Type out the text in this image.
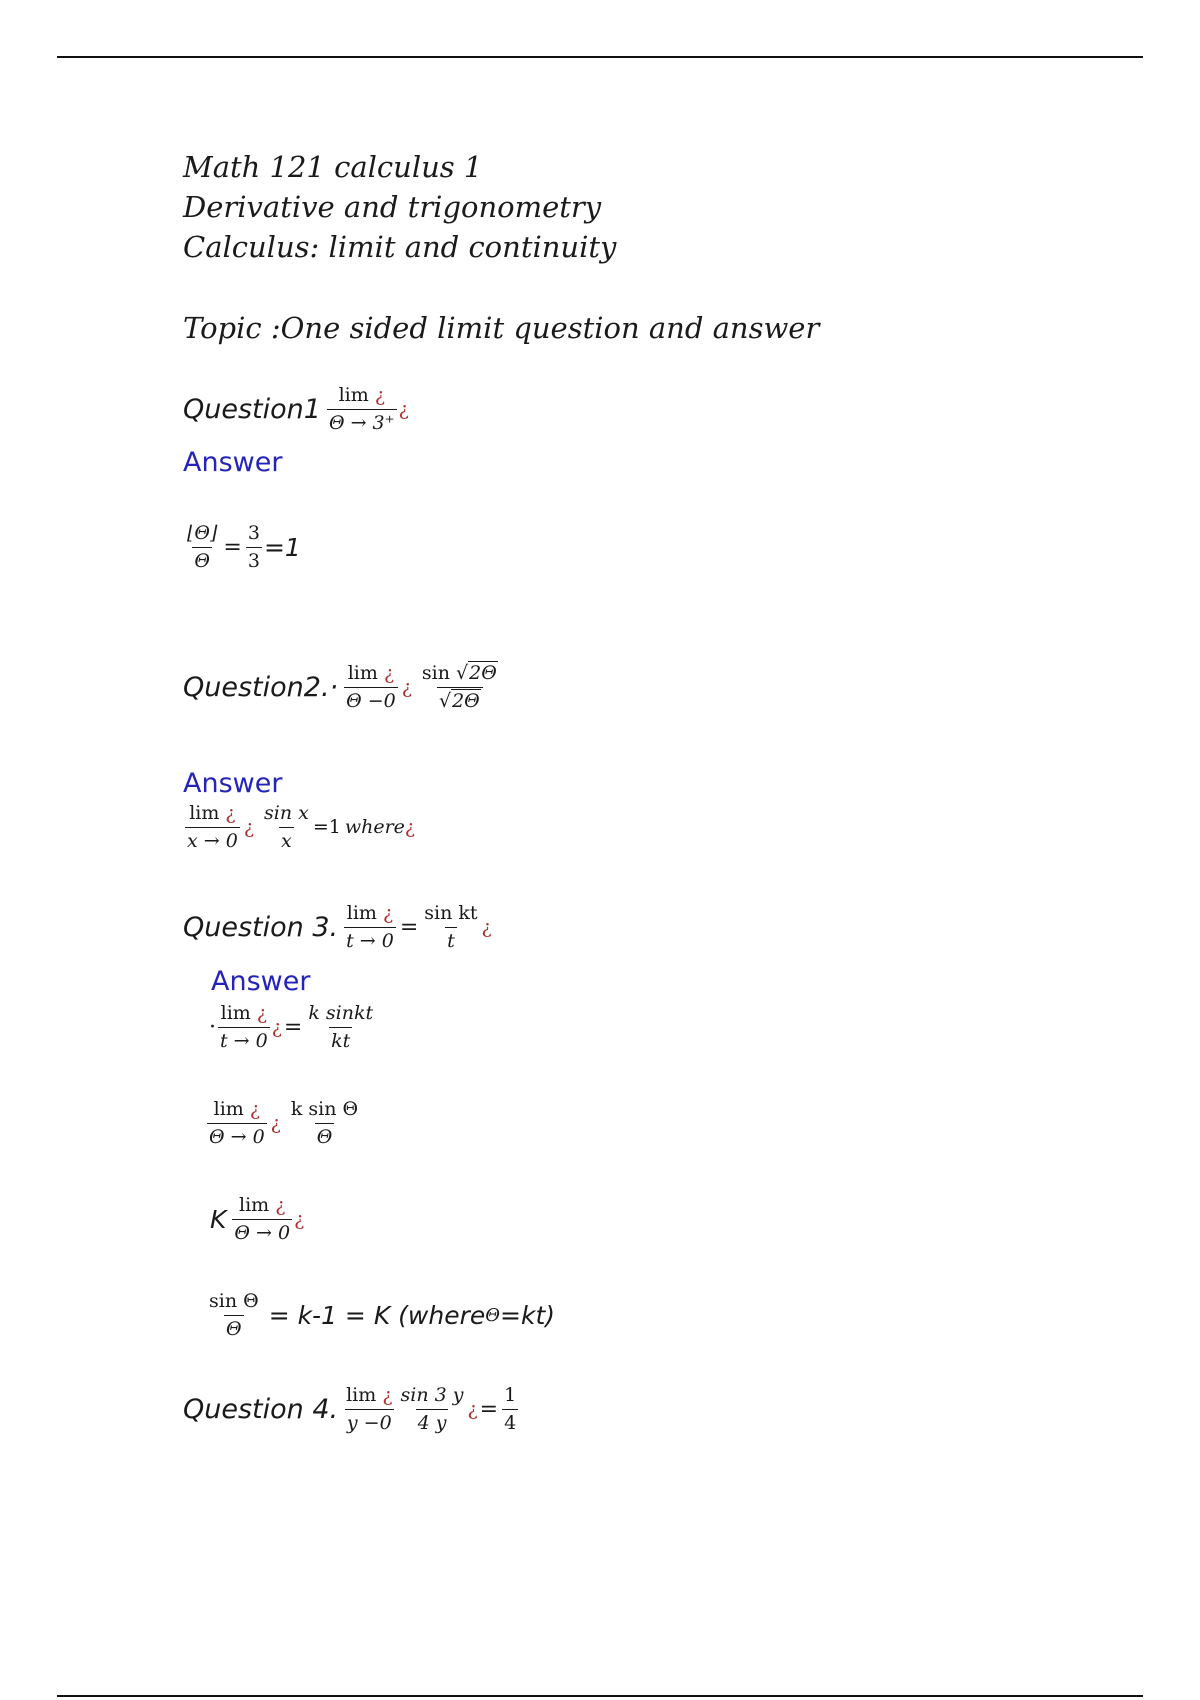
Math 121 calculus 1
Derivative and trigonometry
Calculus: limit and continuity
Topic :One sided limit question and answer
Question1 $\frac{\lim ¿}{\Theta \to 3^+}$ ¿
Answer
$\frac{⌊\Theta⌋}{\Theta} = \frac{3}{3} =1$
Question2.· $\frac{\lim ¿}{\Theta -0}$ ¿ $\frac{\sin √2\Theta}{√2\Theta}$
Answer
$\frac{\lim ¿}{x \to 0}$ ¿ $\frac{\text{sin x}}{x} =1$ where ¿
Question 3. $\frac{\lim ¿}{t \to 0} = \frac{\text{sin kt}}{t}$ ¿
Answer
· $\frac{\lim ¿}{t \to 0}$ ¿ = $\frac{\text{k sinkt}}{kt}$
$\frac{\lim ¿}{\Theta \to 0}$ ¿ $\frac{\text{k sin Θ}}{\Theta}$
K $\frac{\lim ¿}{\Theta \to 0}$ ¿
$\frac{\text{sin Θ}}{\Theta} = k-1 = K$ (where Θ =kt)
Question 4. $\frac{\lim ¿}{y -0} \frac{\sin 3 y}{4 y}$ ¿ = $\frac{1}{4}$
